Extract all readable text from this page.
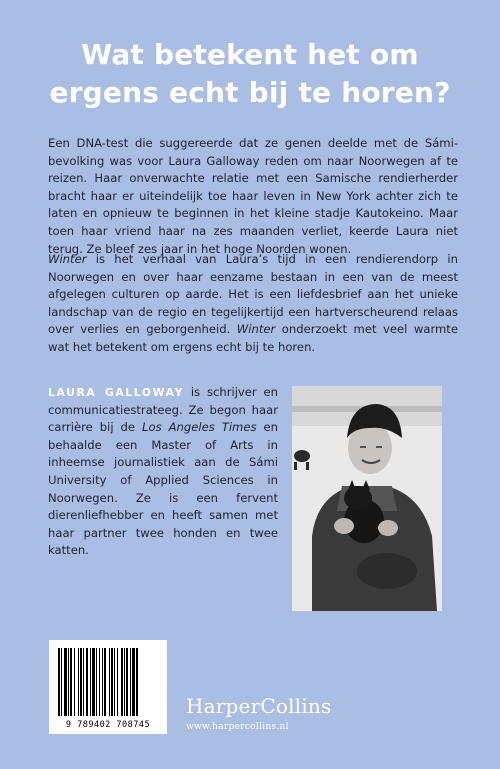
Wat betekent het om
ergens echt bij te horen?

Een DNA-test die suggereerde dat ze genen deelde met de Sámi-bevolking was voor Laura Galloway reden om naar Noorwegen af te reizen. Haar onverwachte relatie met een Samische rendierherder bracht haar er uiteindelijk toe haar leven in New York achter zich te laten en opnieuw te beginnen in het kleine stadje Kautokeino. Maar toen haar vriend haar na zes maanden verliet, keerde Laura niet terug. Ze bleef zes jaar in het hoge Noorden wonen.

Winter is het verhaal van Laura’s tijd in een rendierendorp in Noorwegen en over haar eenzame bestaan in een van de meest afgelegen culturen op aarde. Het is een liefdesbrief aan het unieke landschap van de regio en tegelijkertijd een hartverscheurend relaas over verlies en geborgenheid. Winter onderzoekt met veel warmte wat het betekent om ergens echt bij te horen.

LAURA GALLOWAY is schrijver en communicatiestrateeg. Ze begon haar carrière bij de Los Angeles Times en behaalde een Master of Arts in inheemse journalistiek aan de Sámi University of Applied Sciences in Noorwegen. Ze is een fervent dierenliefhebber en heeft samen met haar partner twee honden en twee katten.

9 789402 708745
HarperCollins
www.harpercollins.nl
